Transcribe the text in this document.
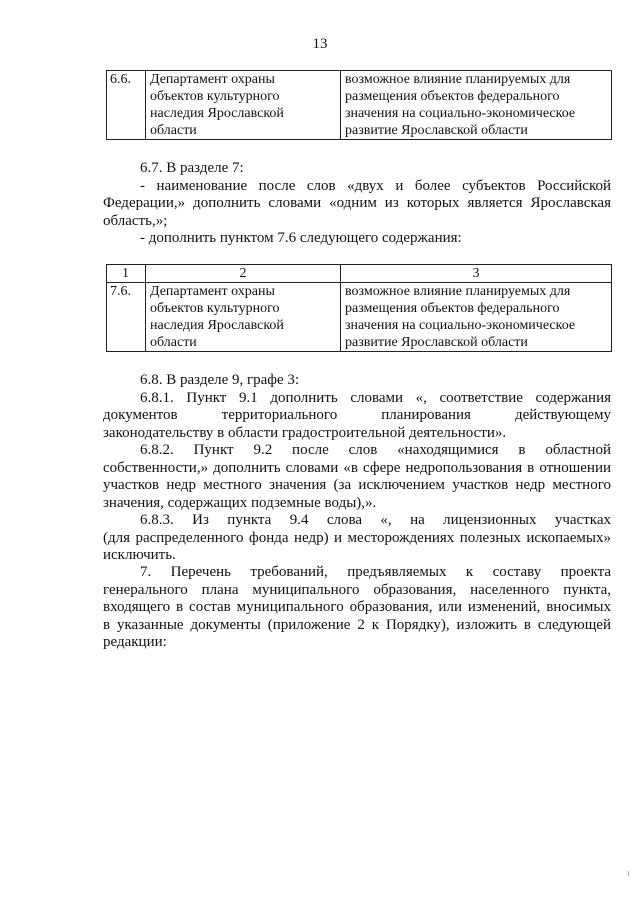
13
6.6.	Департамент охраны
объектов культурного
наследия Ярославской
области

возможное влияние планируемых для
размещения объектов федерального
значения на социально-экономическое
развитие Ярославской области
6.7. В разделе 7:
- наименование после слов «двух и более субъектов Российской
Федерации,» дополнить словами «одним из которых является Ярославская
область,»;
- дополнить пунктом 7.6 следующего содержания:
1	2	3
7.6.	Департамент охраны
объектов культурного
наследия Ярославской
области	возможное влияние планируемых для
размещения объектов федерального
значения на социально-экономическое
развитие Ярославской области
6.8. В разделе 9, графе 3:
6.8.1. Пункт 9.1 дополнить словами «, соответствие содержания
документов территориального планирования действующему
законодательству в области градостроительной деятельности».
6.8.2. Пункт 9.2 после слов «находящимися в областной
собственности,» дополнить словами «в сфере недропользования в отношении
участков недр местного значения (за исключением участков недр местного
значения, содержащих подземные воды),».
6.8.3. Из пункта 9.4 слова «, на лицензионных участках
(для распределенного фонда недр) и месторождениях полезных ископаемых»
исключить.
7. Перечень требований, предъявляемых к составу проекта
генерального плана муниципального образования, населенного пункта,
входящего в состав муниципального образования, или изменений, вносимых
в указанные документы (приложение 2 к Порядку), изложить в следующей
редакции:
1
